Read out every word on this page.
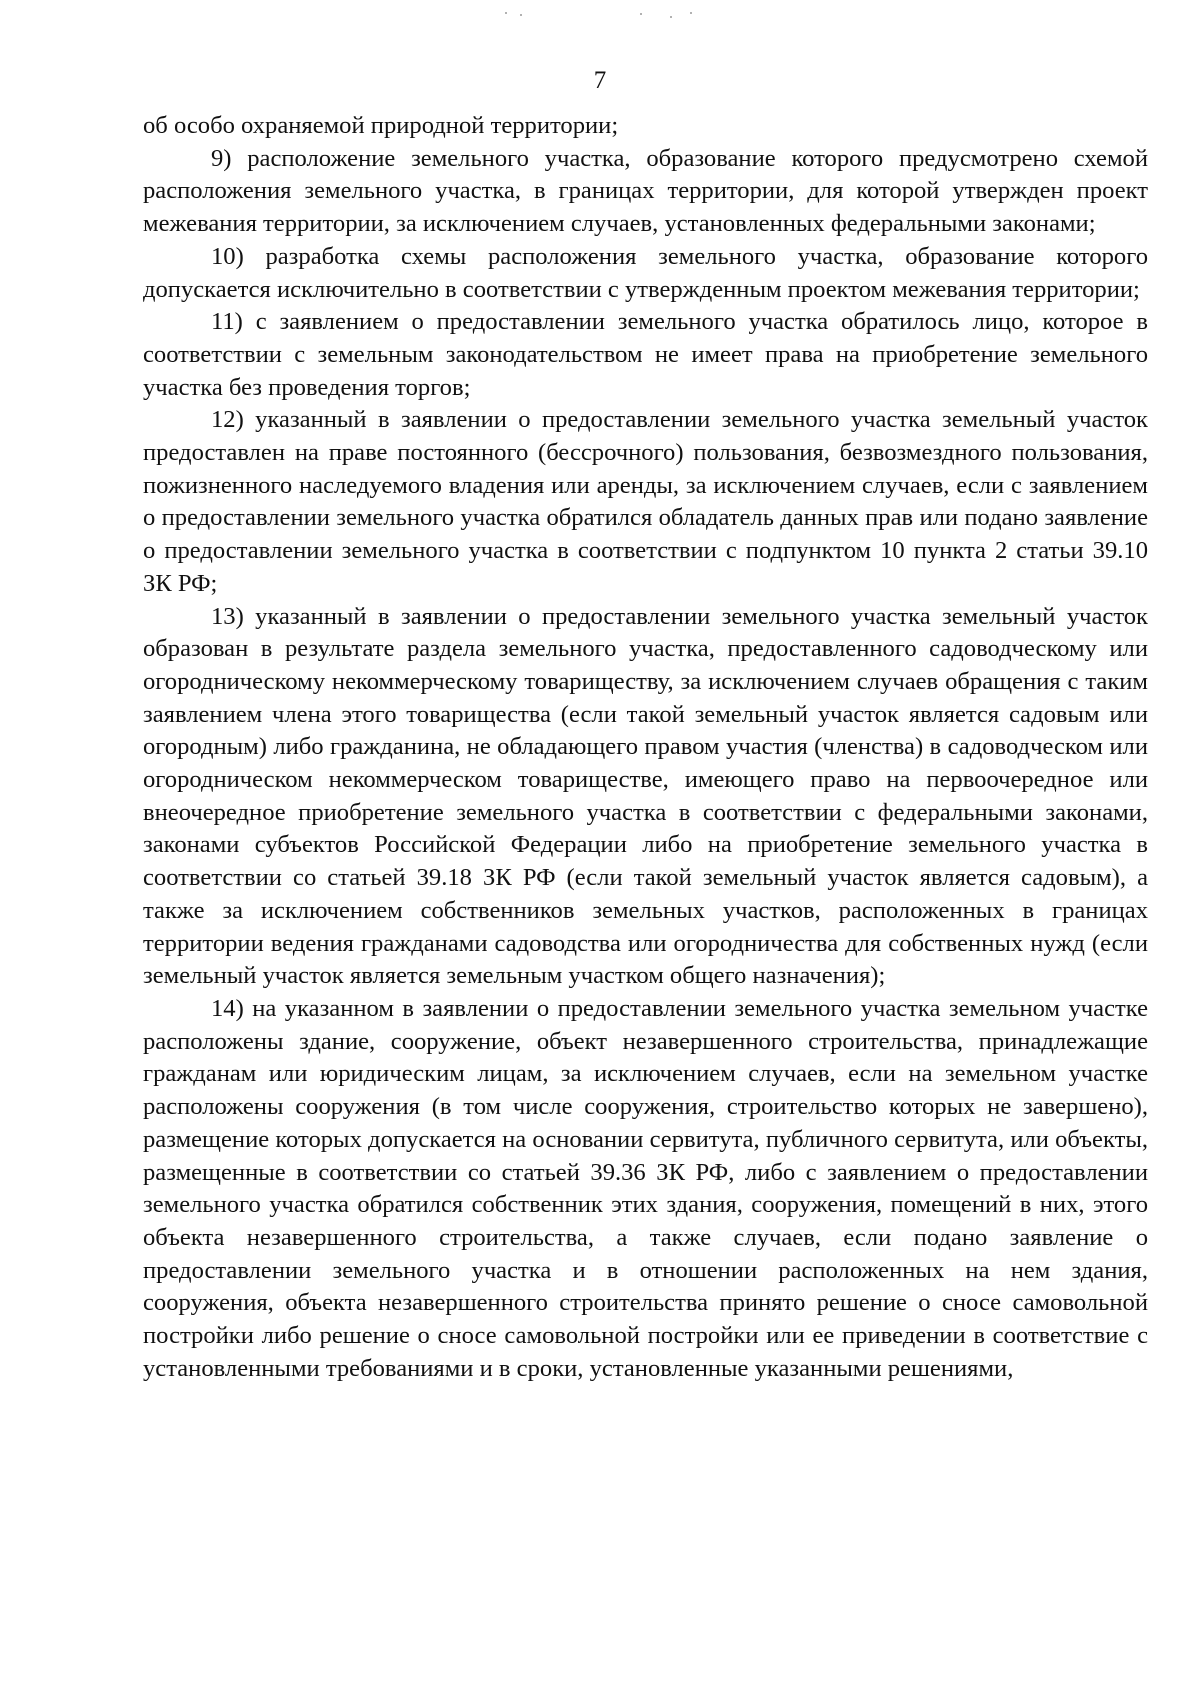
7

об особо охраняемой природной территории;

9) расположение земельного участка, образование которого предусмотрено схемой расположения земельного участка, в границах территории, для которой утвержден проект межевания территории, за исключением случаев, установленных федеральными законами;

10) разработка схемы расположения земельного участка, образование которого допускается исключительно в соответствии с утвержденным проектом межевания территории;

11) с заявлением о предоставлении земельного участка обратилось лицо, которое в соответствии с земельным законодательством не имеет права на приобретение земельного участка без проведения торгов;

12) указанный в заявлении о предоставлении земельного участка земельный участок предоставлен на праве постоянного (бессрочного) пользования, безвозмездного пользования, пожизненного наследуемого владения или аренды, за исключением случаев, если с заявлением о предоставлении земельного участка обратился обладатель данных прав или подано заявление о предоставлении земельного участка в соответствии с подпунктом 10 пункта 2 статьи 39.10 ЗК РФ;

13) указанный в заявлении о предоставлении земельного участка земельный участок образован в результате раздела земельного участка, предоставленного садоводческому или огородническому некоммерческому товариществу, за исключением случаев обращения с таким заявлением члена этого товарищества (если такой земельный участок является садовым или огородным) либо гражданина, не обладающего правом участия (членства) в садоводческом или огородническом некоммерческом товариществе, имеющего право на первоочередное или внеочередное приобретение земельного участка в соответствии с федеральными законами, законами субъектов Российской Федерации либо на приобретение земельного участка в соответствии со статьей 39.18 ЗК РФ (если такой земельный участок является садовым), а также за исключением собственников земельных участков, расположенных в границах территории ведения гражданами садоводства или огородничества для собственных нужд (если земельный участок является земельным участком общего назначения);

14) на указанном в заявлении о предоставлении земельного участка земельном участке расположены здание, сооружение, объект незавершенного строительства, принадлежащие гражданам или юридическим лицам, за исключением случаев, если на земельном участке расположены сооружения (в том числе сооружения, строительство которых не завершено), размещение которых допускается на основании сервитута, публичного сервитута, или объекты, размещенные в соответствии со статьей 39.36 ЗК РФ, либо с заявлением о предоставлении земельного участка обратился собственник этих здания, сооружения, помещений в них, этого объекта незавершенного строительства, а также случаев, если подано заявление о предоставлении земельного участка и в отношении расположенных на нем здания, сооружения, объекта незавершенного строительства принято решение о сносе самовольной постройки либо решение о сносе самовольной постройки или ее приведении в соответствие с установленными требованиями и в сроки, установленные указанными решениями,
